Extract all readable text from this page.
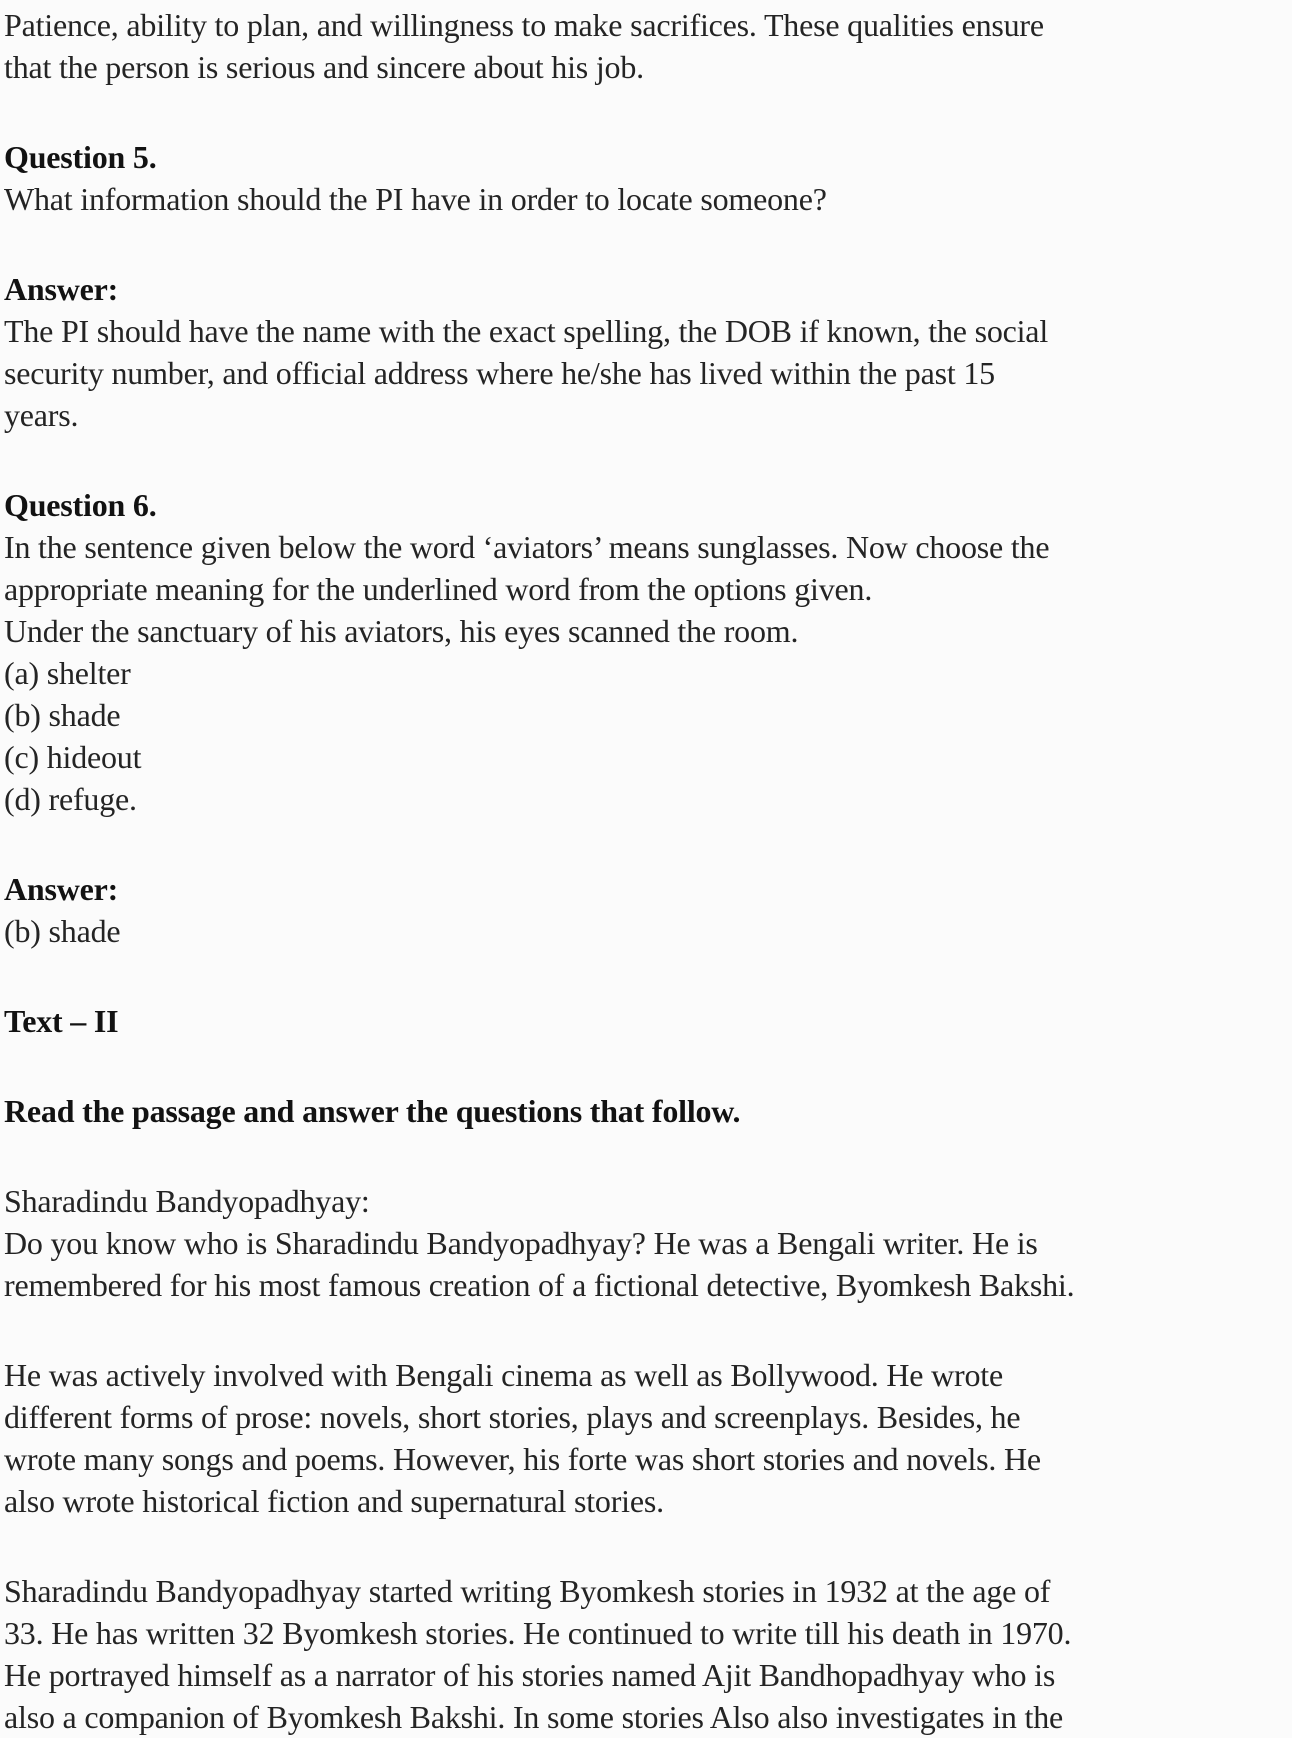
Patience, ability to plan, and willingness to make sacrifices. These qualities ensure
that the person is serious and sincere about his job.

Question 5.
What information should the PI have in order to locate someone?

Answer:
The PI should have the name with the exact spelling, the DOB if known, the social
security number, and official address where he/she has lived within the past 15
years.

Question 6.
In the sentence given below the word ‘aviators’ means sunglasses. Now choose the
appropriate meaning for the underlined word from the options given.
Under the sanctuary of his aviators, his eyes scanned the room.
(a) shelter
(b) shade
(c) hideout
(d) refuge.

Answer:
(b) shade

Text – II

Read the passage and answer the questions that follow.

Sharadindu Bandyopadhyay:
Do you know who is Sharadindu Bandyopadhyay? He was a Bengali writer. He is
remembered for his most famous creation of a fictional detective, Byomkesh Bakshi.

He was actively involved with Bengali cinema as well as Bollywood. He wrote
different forms of prose: novels, short stories, plays and screenplays. Besides, he
wrote many songs and poems. However, his forte was short stories and novels. He
also wrote historical fiction and supernatural stories.

Sharadindu Bandyopadhyay started writing Byomkesh stories in 1932 at the age of
33. He has written 32 Byomkesh stories. He continued to write till his death in 1970.
He portrayed himself as a narrator of his stories named Ajit Bandhopadhyay who is
also a companion of Byomkesh Bakshi. In some stories Also also investigates in the
